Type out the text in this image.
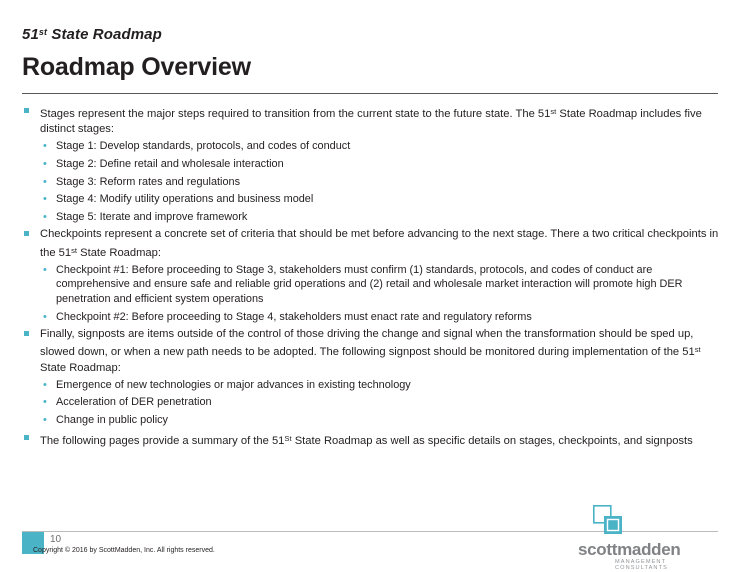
51st State Roadmap
Roadmap Overview
Stages represent the major steps required to transition from the current state to the future state. The 51st State Roadmap includes five distinct stages:
• Stage 1: Develop standards, protocols, and codes of conduct
• Stage 2: Define retail and wholesale interaction
• Stage 3: Reform rates and regulations
• Stage 4: Modify utility operations and business model
• Stage 5: Iterate and improve framework
Checkpoints represent a concrete set of criteria that should be met before advancing to the next stage. There a two critical checkpoints in the 51st State Roadmap:
• Checkpoint #1: Before proceeding to Stage 3, stakeholders must confirm (1) standards, protocols, and codes of conduct are comprehensive and ensure safe and reliable grid operations and (2) retail and wholesale market interaction will promote high DER penetration and efficient system operations
• Checkpoint #2: Before proceeding to Stage 4, stakeholders must enact rate and regulatory reforms
Finally, signposts are items outside of the control of those driving the change and signal when the transformation should be sped up, slowed down, or when a new path needs to be adopted. The following signpost should be monitored during implementation of the 51st State Roadmap:
• Emergence of new technologies or major advances in existing technology
• Acceleration of DER penetration
• Change in public policy
The following pages provide a summary of the 51St State Roadmap as well as specific details on stages, checkpoints, and signposts
10
Copyright © 2016 by ScottMadden, Inc. All rights reserved.	scottmadden
MANAGEMENT CONSULTANTS
